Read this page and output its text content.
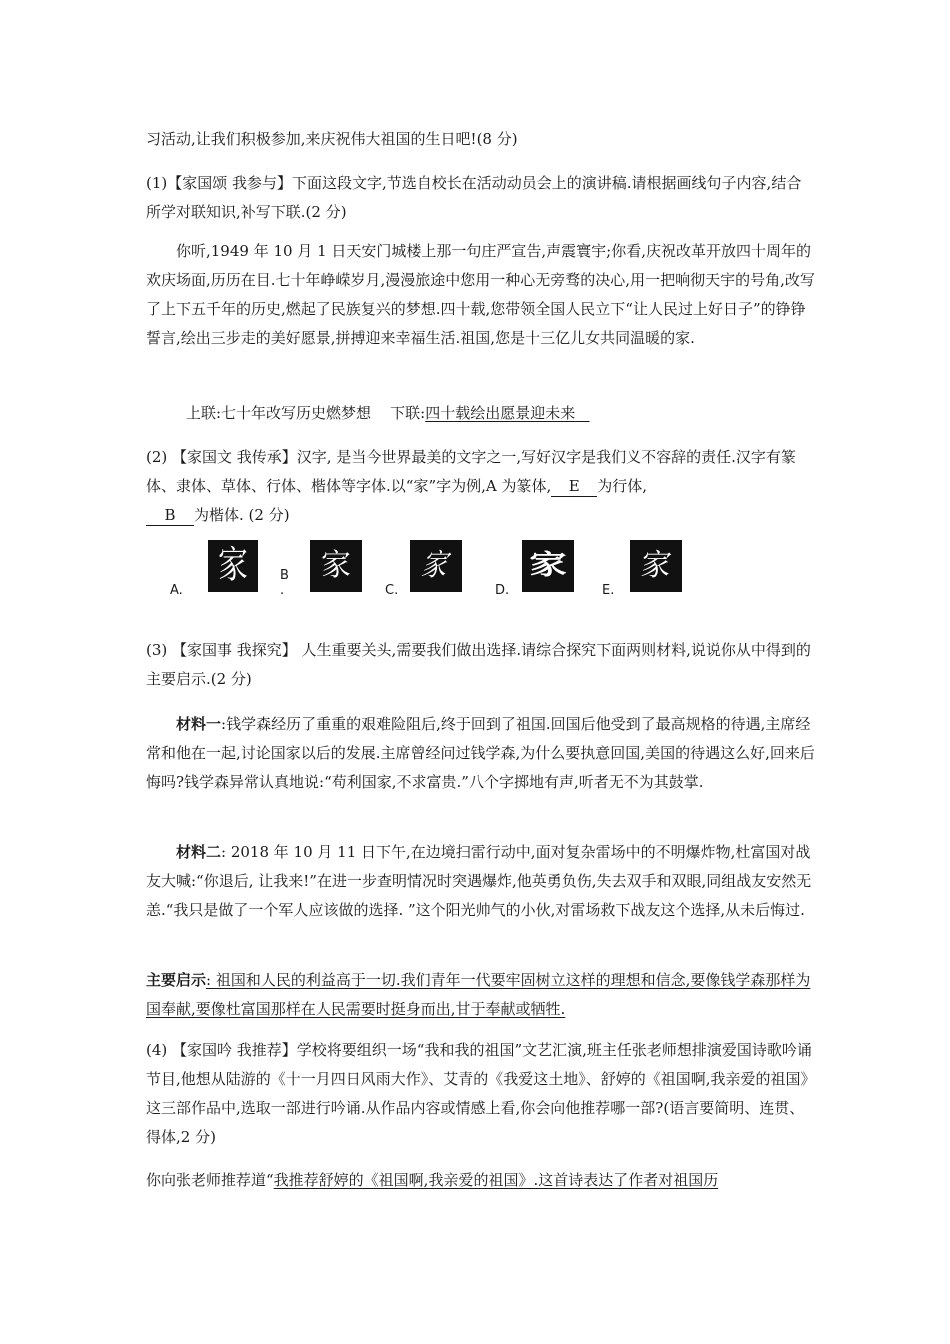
习活动,让我们积极参加,来庆祝伟大祖国的生日吧!(8 分)

(1)【家国颂 我参与】下面这段文字,节选自校长在活动动员会上的演讲稿.请根据画线句子内容,结合所学对联知识,补写下联.(2 分)

你听,1949 年 10 月 1 日天安门城楼上那一句庄严宣告,声震寰宇;你看,庆祝改革开放四十周年的欢庆场面,历历在目.七十年峥嵘岁月,漫漫旅途中您用一种心无旁骛的决心,用一把响彻天宇的号角,改写了上下五千年的历史,燃起了民族复兴的梦想.四十载,您带领全国人民立下“让人民过上好日子”的铮铮誓言,绘出三步走的美好愿景,拼搏迎来幸福生活.祖国,您是十三亿儿女共同温暖的家.

上联:七十年改写历史燃梦想 下联:四十载绘出愿景迎未来

(2) 【家国文 我传承】汉字, 是当今世界最美的文字之一,写好汉字是我们义不容辞的责任.汉字有篆体、隶体、草体、行体、楷体等字体.以“家”字为例,A 为篆体, E 为行体,
B 为楷体. (2 分)

A.
家 B .
家
C.
家
D.
家
E.
家

(3) 【家国事 我探究】 人生重要关头,需要我们做出选择.请综合探究下面两则材料,说说你从中得到的主要启示.(2 分)

材料一:钱学森经历了重重的艰难险阻后,终于回到了祖国.回国后他受到了最高规格的待遇,主席经常和他在一起,讨论国家以后的发展.主席曾经问过钱学森,为什么要执意回国,美国的待遇这么好,回来后悔吗?钱学森异常认真地说:“苟利国家,不求富贵.”八个字掷地有声,听者无不为其鼓掌.

材料二: 2018 年 10 月 11 日下午,在边境扫雷行动中,面对复杂雷场中的不明爆炸物,杜富国对战友大喊:“你退后, 让我来!”在进一步查明情况时突遇爆炸,他英勇负伤,失去双手和双眼,同组战友安然无恙.“我只是做了一个军人应该做的选择. ”这个阳光帅气的小伙,对雷场救下战友这个选择,从未后悔过.

主要启示: 祖国和人民的利益高于一切.我们青年一代要牢固树立这样的理想和信念,要像钱学森那样为国奉献,要像杜富国那样在人民需要时挺身而出,甘于奉献或牺牲.

(4) 【家国吟 我推荐】学校将要组织一场“我和我的祖国”文艺汇演,班主任张老师想排演爱国诗歌吟诵节目,他想从陆游的《十一月四日风雨大作》、艾青的《我爱这土地》、舒婷的《祖国啊,我亲爱的祖国》这三部作品中,选取一部进行吟诵.从作品内容或情感上看,你会向他推荐哪一部?(语言要简明、连贯、得体,2 分)

你向张老师推荐道“我推荐舒婷的《祖国啊,我亲爱的祖国》.这首诗表达了作者对祖国历
